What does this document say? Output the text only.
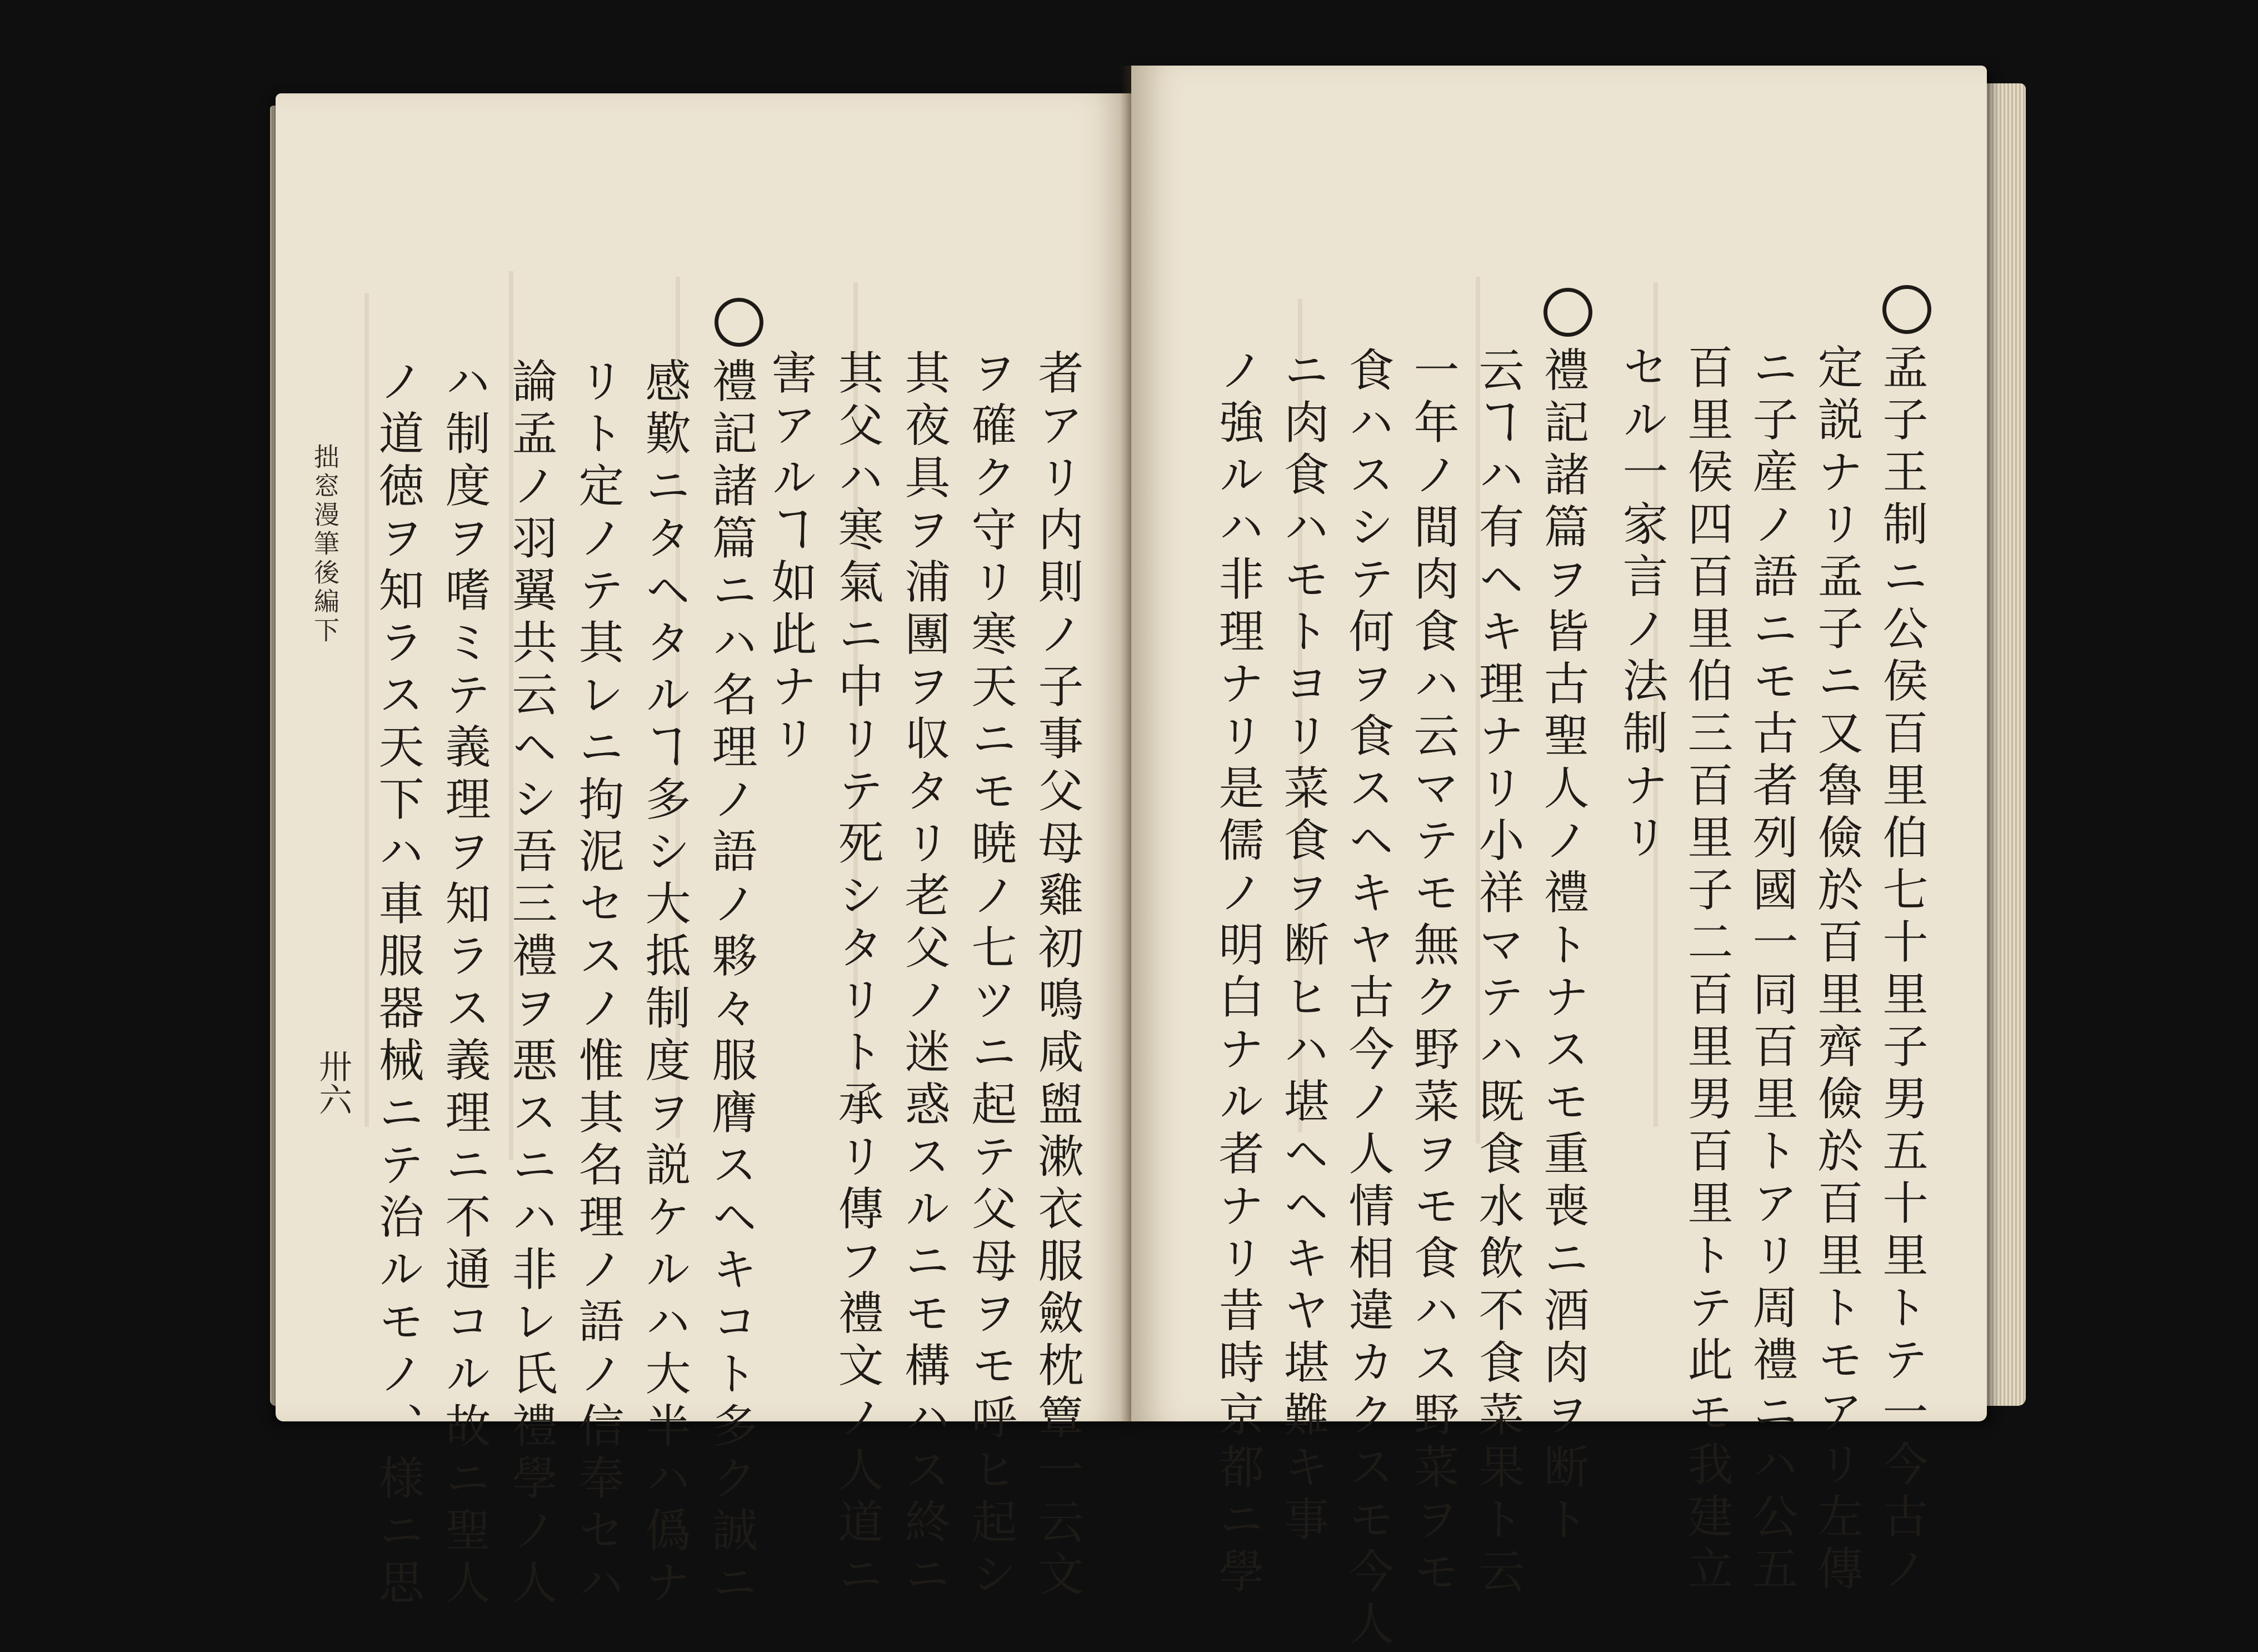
者アリ内則ノ子事父母雞初鳴咸盥漱衣服斂枕簟一云文
ヲ確ク守リ寒天ニモ暁ノ七ツニ起テ父母ヲモ呼ヒ起シ
其夜具ヲ浦團ヲ収タリ老父ノ迷惑スルニモ構ハス終ニ
其父ハ寒氣ニ中リテ死シタリト承リ傳フ禮文ノ人道ニ
害アルヿ如此ナリ
禮記諸篇ニハ名理ノ語ノ夥々服膺スヘキコト多ク誠ニ
感歎ニタヘタルヿ多シ大抵制度ヲ説ケルハ大半ハ僞ナ
リト定ノテ其レニ拘泥セスノ惟其名理ノ語ノ信奉セハ
論孟ノ羽翼共云ヘシ吾三禮ヲ悪スニハ非レ氏禮學ノ人
ハ制度ヲ嗜ミテ義理ヲ知ラス義理ニ不通コル故ニ聖人
ノ道徳ヲ知ラス天下ハ車服器械ニテ治ルモノ、様ニ思
拙窓漫筆後編下
卅六	孟子王制ニ公侯百里伯七十里子男五十里トテ一今古ノ
定説ナリ孟子ニ又魯儉於百里齊儉於百里トモアリ左傳
ニ子産ノ語ニモ古者列國一同百里トアリ周禮ニハ公五
百里侯四百里伯三百里子二百里男百里トテ此モ我建立
セル一家言ノ法制ナリ
禮記諸篇ヲ皆古聖人ノ禮トナスモ重喪ニ酒肉ヲ断ト
云ヿハ有ヘキ理ナリ小祥マテハ既食水飲不食菜果ト云
一年ノ間肉食ハ云マテモ無ク野菜ヲモ食ハス野菜ヲモ
食ハスシテ何ヲ食スヘキヤ古今ノ人情相違カクスモ今人
ニ肉食ハモトヨリ菜食ヲ断ヒハ堪ヘヘキヤ堪難キ事
ノ強ルハ非理ナリ是儒ノ明白ナル者ナリ昔時京都ニ學
